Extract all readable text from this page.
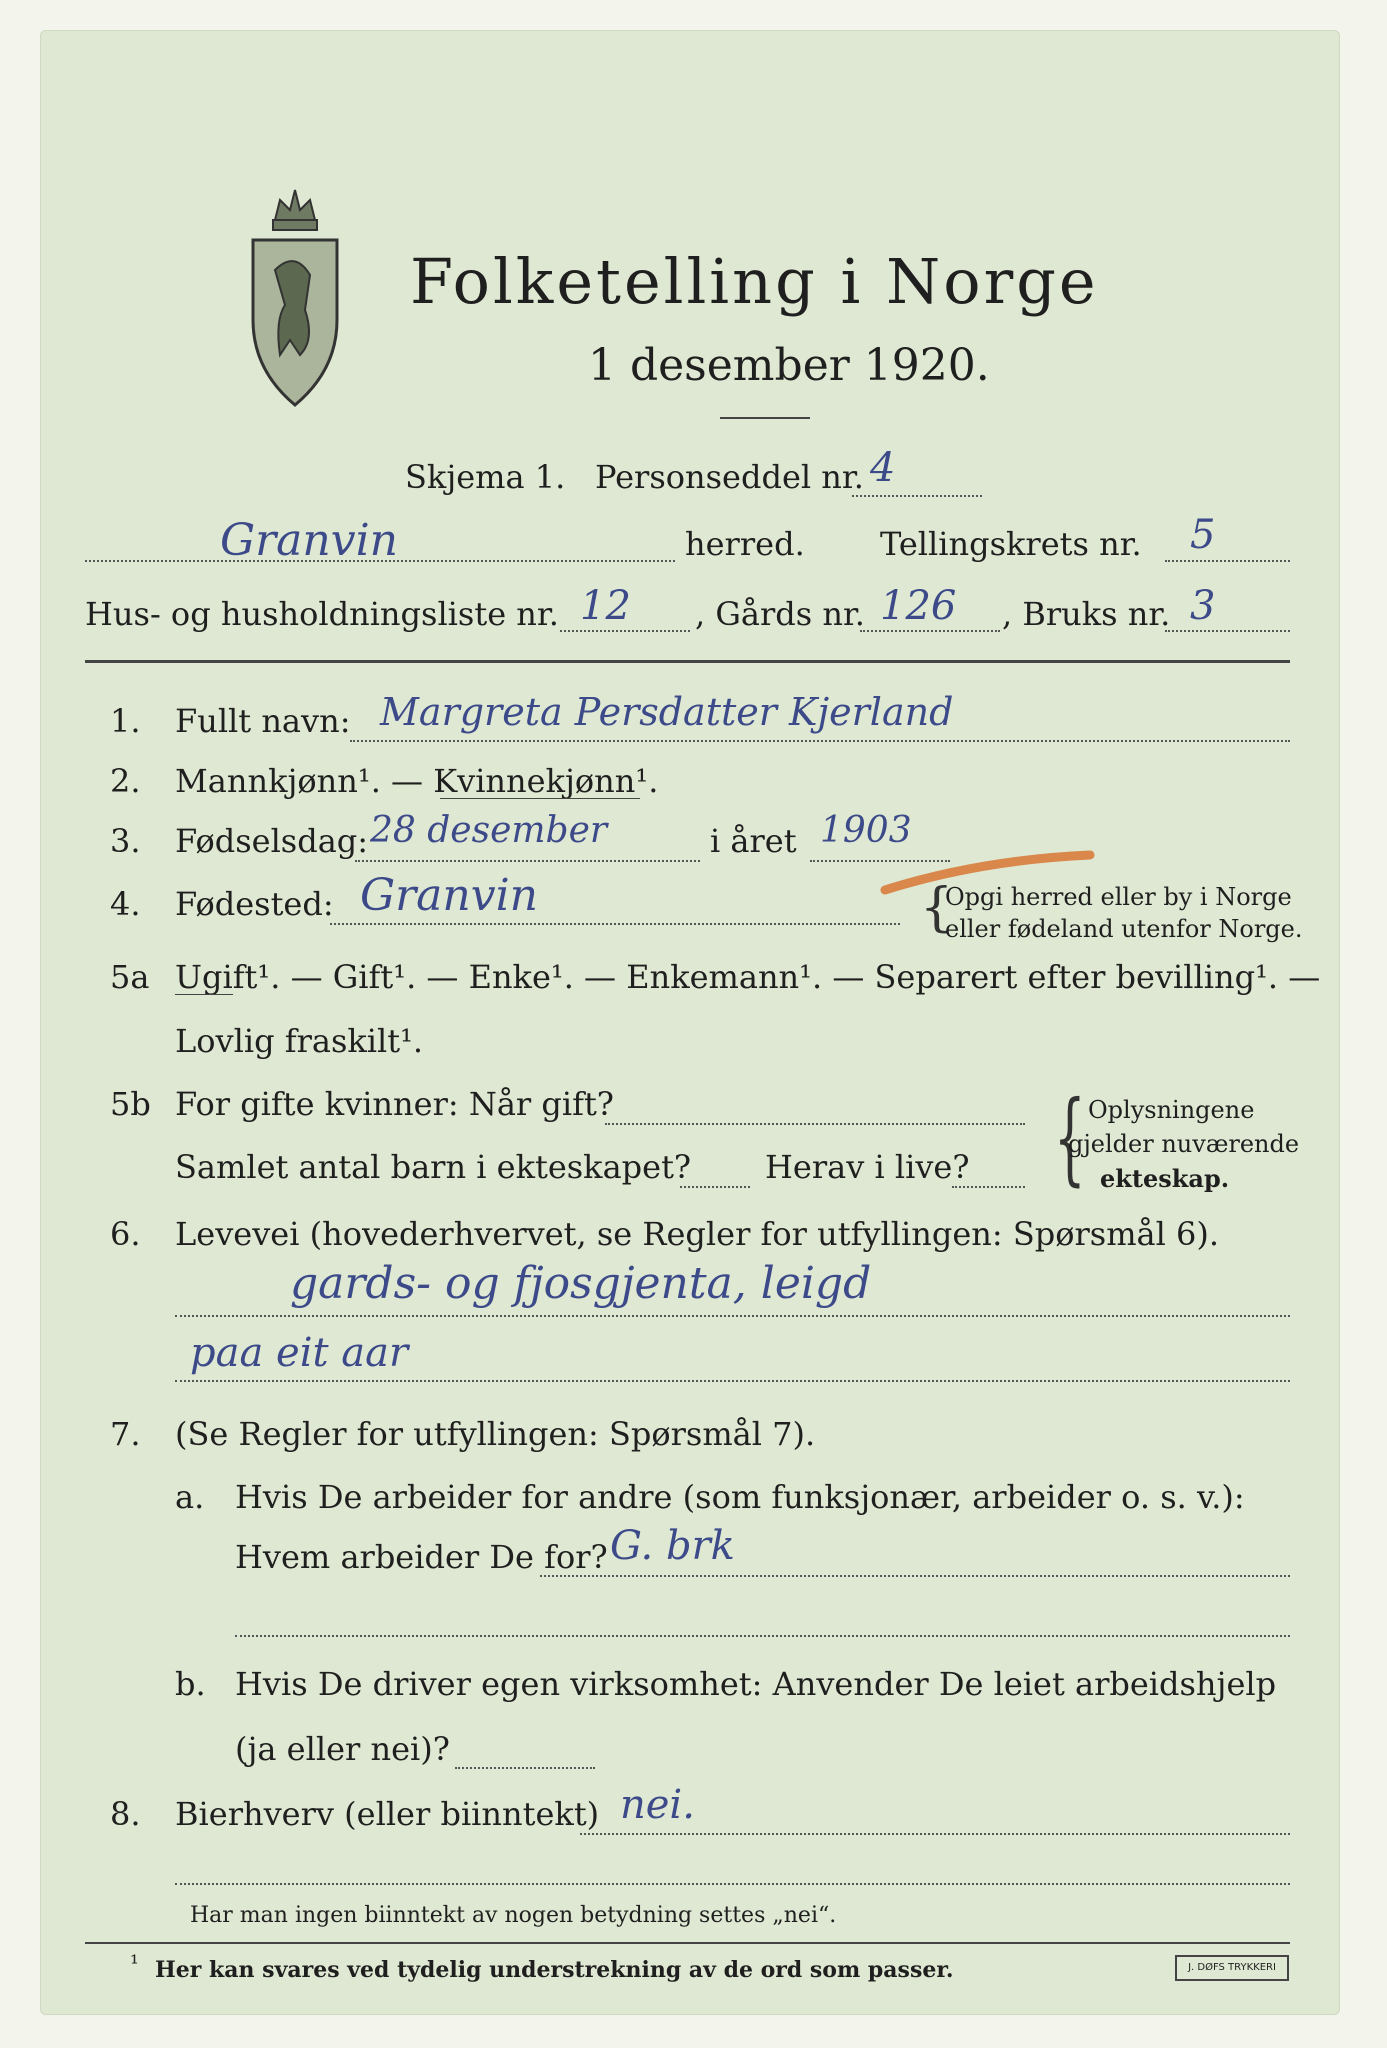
Folketelling i Norge
1 desember 1920.
Skjema 1. Personseddel nr. 4
Granvin	herred. Tellingskrets nr. 5
Hus- og husholdningsliste nr. 12 , Gårds nr. 126 , Bruks nr. 3
1. Fullt navn: Margreta Persdatter Kjerland
2. Mannkjønn¹. — Kvinnekjønn¹.
3. Fødselsdag: 28 desember	i året 1903
4. Fødested: Granvin	{
Opgi herred eller by i Norge
eller fødeland utenfor Norge.
5a Ugift¹. — Gift¹. — Enke¹. — Enkemann¹. — Separert efter bevilling¹. —
Lovlig fraskilt¹.
5b For gifte kvinner: Når gift?
Samlet antal barn i ekteskapet? Herav i live? { Oplysningene
gjelder nuværende
ekteskap.
6. Levevei (hovederhvervet, se Regler for utfyllingen: Spørsmål 6).
gards- og fjosgjenta, leigd
paa eit aar
7. (Se Regler for utfyllingen: Spørsmål 7).
a. Hvis De arbeider for andre (som funksjonær, arbeider o. s. v.):
Hvem arbeider De for? G. brk
b. Hvis De driver egen virksomhet: Anvender De leiet arbeidshjelp
(ja eller nei)?
8. Bierhverv (eller biinntekt) nei.
Har man ingen biinntekt av nogen betydning settes „nei“.
¹ Her kan svares ved tydelig understrekning av de ord som passer.	J. DØFS TRYKKERI
